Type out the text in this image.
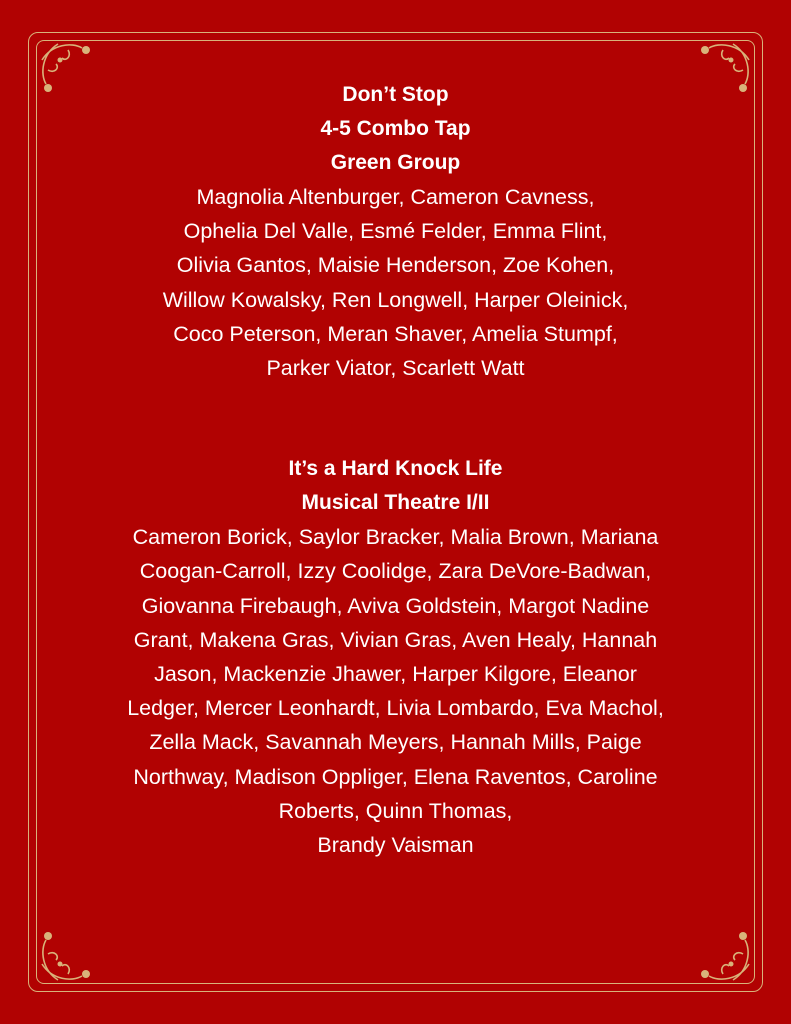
Don’t Stop
4-5 Combo Tap
Green Group
Magnolia Altenburger, Cameron Cavness,
Ophelia Del Valle, Esmé Felder, Emma Flint,
Olivia Gantos, Maisie Henderson, Zoe Kohen,
Willow Kowalsky, Ren Longwell, Harper Oleinick,
Coco Peterson, Meran Shaver, Amelia Stumpf,
Parker Viator, Scarlett Watt
It’s a Hard Knock Life
Musical Theatre I/II
Cameron Borick, Saylor Bracker, Malia Brown, Mariana
Coogan-Carroll, Izzy Coolidge, Zara DeVore-Badwan,
Giovanna Firebaugh, Aviva Goldstein, Margot Nadine
Grant, Makena Gras, Vivian Gras, Aven Healy, Hannah
Jason, Mackenzie Jhawer, Harper Kilgore, Eleanor
Ledger, Mercer Leonhardt, Livia Lombardo, Eva Machol,
Zella Mack, Savannah Meyers, Hannah Mills, Paige
Northway, Madison Oppliger, Elena Raventos, Caroline
Roberts, Quinn Thomas,
Brandy Vaisman
